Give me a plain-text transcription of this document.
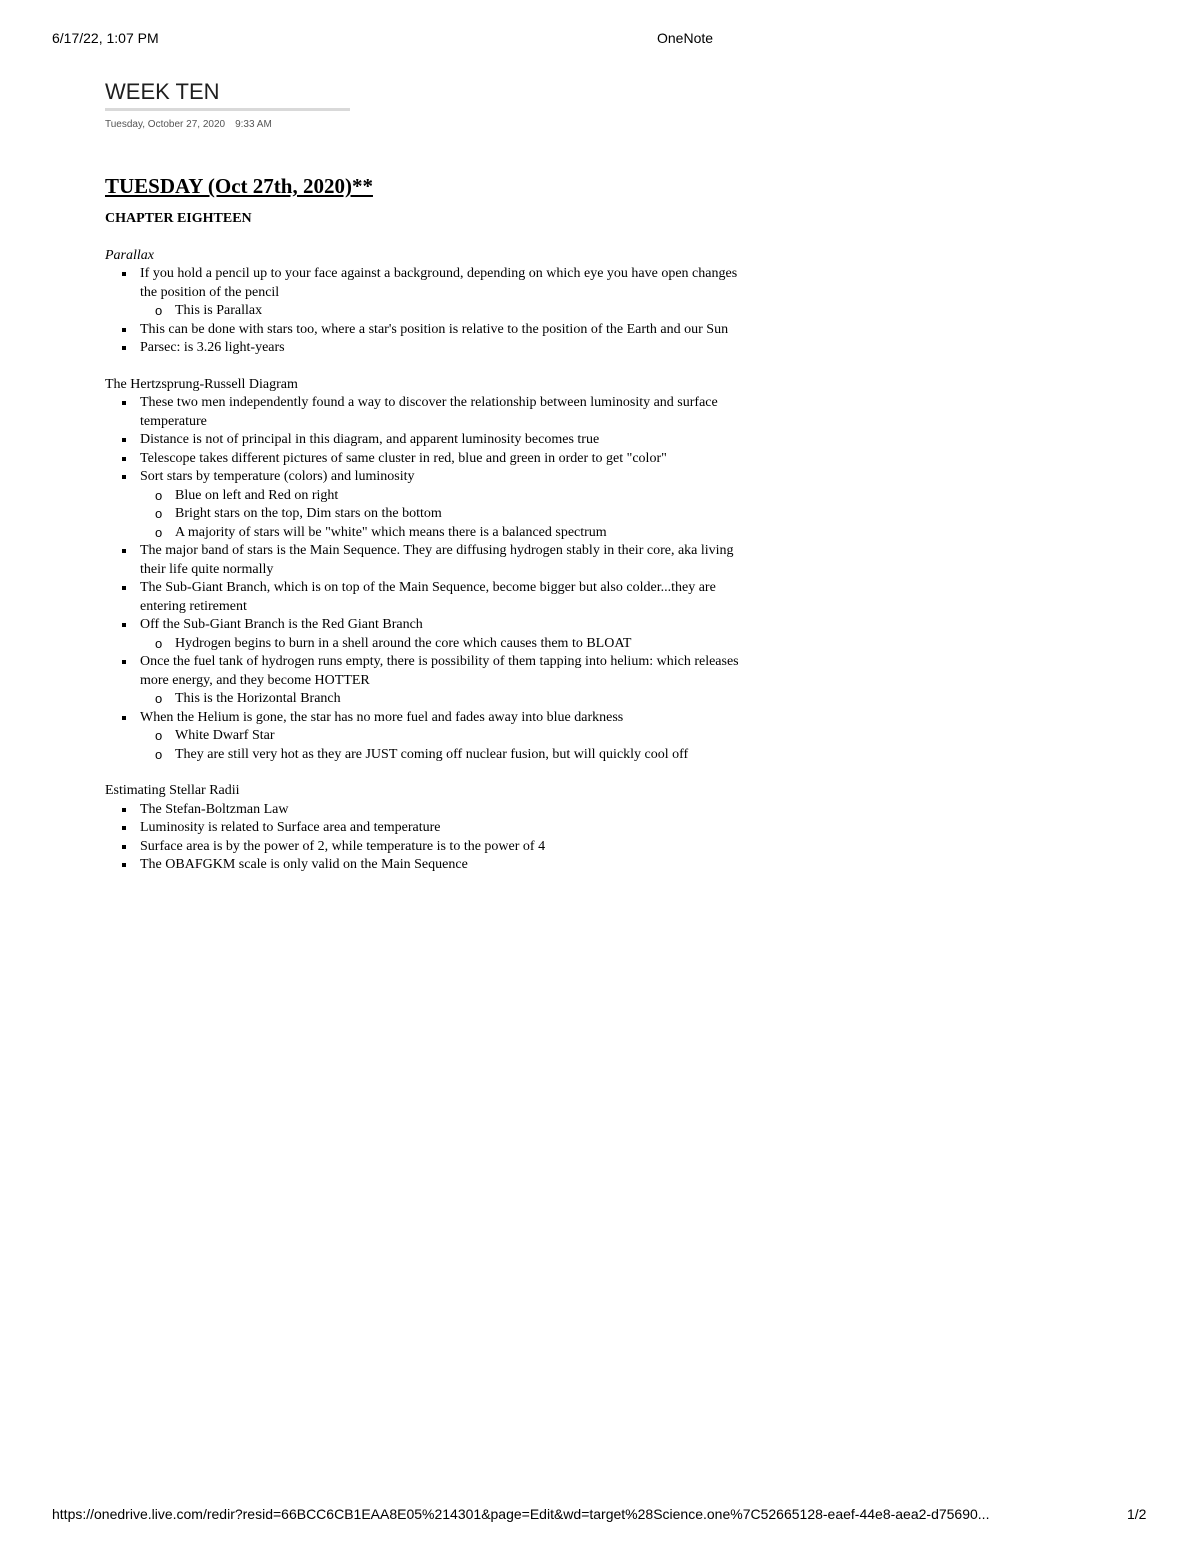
6/17/22, 1:07 PM	OneNote
WEEK TEN
Tuesday, October 27, 2020 9:33 AM
TUESDAY (Oct 27th, 2020)**
CHAPTER EIGHTEEN
Parallax
If you hold a pencil up to your face against a background, depending on which eye you have open changes the position of the pencil
o This is Parallax
This can be done with stars too, where a star's position is relative to the position of the Earth and our Sun
Parsec: is 3.26 light-years
The Hertzsprung-Russell Diagram
These two men independently found a way to discover the relationship between luminosity and surface temperature
Distance is not of principal in this diagram, and apparent luminosity becomes true
Telescope takes different pictures of same cluster in red, blue and green in order to get "color"
Sort stars by temperature (colors) and luminosity
o Blue on left and Red on right
o Bright stars on the top, Dim stars on the bottom
o A majority of stars will be "white" which means there is a balanced spectrum
The major band of stars is the Main Sequence. They are diffusing hydrogen stably in their core, aka living their life quite normally
The Sub-Giant Branch, which is on top of the Main Sequence, become bigger but also colder...they are entering retirement
Off the Sub-Giant Branch is the Red Giant Branch
o Hydrogen begins to burn in a shell around the core which causes them to BLOAT
Once the fuel tank of hydrogen runs empty, there is possibility of them tapping into helium: which releases more energy, and they become HOTTER
o This is the Horizontal Branch
When the Helium is gone, the star has no more fuel and fades away into blue darkness
o White Dwarf Star
o They are still very hot as they are JUST coming off nuclear fusion, but will quickly cool off
Estimating Stellar Radii
The Stefan-Boltzman Law
Luminosity is related to Surface area and temperature
Surface area is by the power of 2, while temperature is to the power of 4
The OBAFGKM scale is only valid on the Main Sequence
https://onedrive.live.com/redir?resid=66BCC6CB1EAA8E05%214301&page=Edit&wd=target%28Science.one%7C52665128-eaef-44e8-aea2-d75690...	1/2
